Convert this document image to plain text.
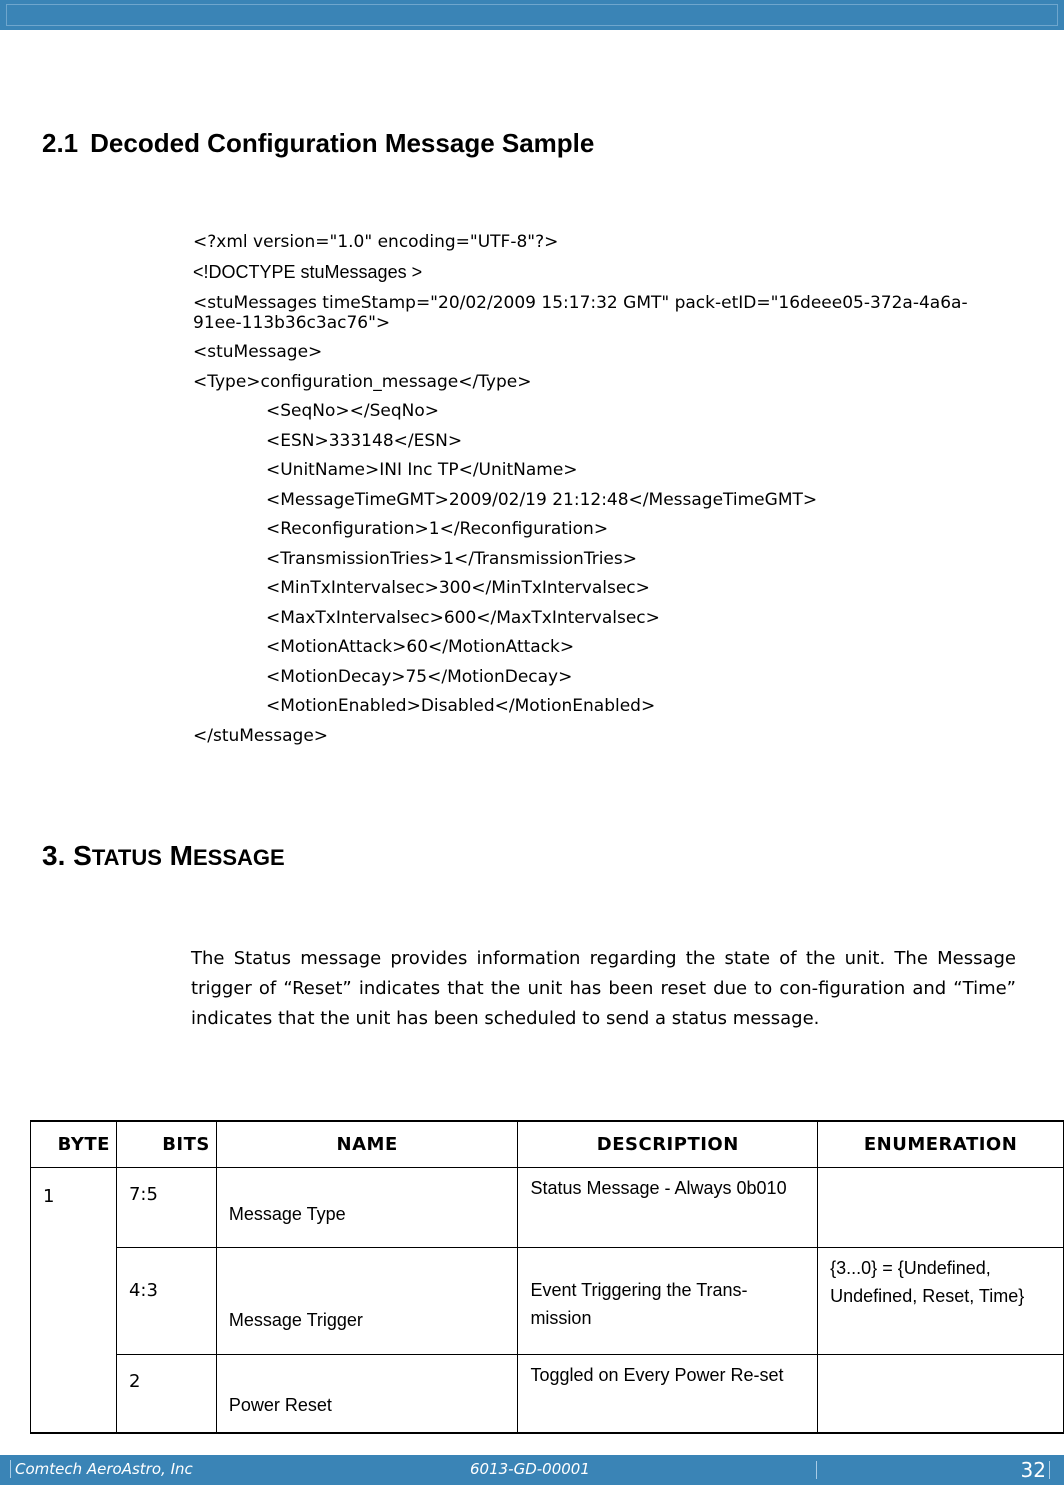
2.1 Decoded Configuration Message Sample
<?xml version="1.0" encoding="UTF-8"?>
<!DOCTYPE stuMessages >
<stuMessages timeStamp="20/02/2009 15:17:32 GMT" pack-etID="16deee05-372a-4a6a-91ee-113b36c3ac76">
<stuMessage>
<Type>configuration_message</Type>
<SeqNo></SeqNo>
<ESN>333148</ESN>
<UnitName>INI Inc TP</UnitName>
<MessageTimeGMT>2009/02/19 21:12:48</MessageTimeGMT>
<Reconfiguration>1</Reconfiguration>
<TransmissionTries>1</TransmissionTries>
<MinTxIntervalsec>300</MinTxIntervalsec>
<MaxTxIntervalsec>600</MaxTxIntervalsec>
<MotionAttack>60</MotionAttack>
<MotionDecay>75</MotionDecay>
<MotionEnabled>Disabled</MotionEnabled>
</stuMessage>
3. STATUS MESSAGE
The Status message provides information regarding the state of the unit. The Message trigger of “Reset” indicates that the unit has been reset due to con-figuration and “Time” indicates that the unit has been scheduled to send a status message.
BYTE	BITS	NAME	DESCRIPTION	ENUMERATION
1	7:5	Message Type	Status Message - Always 0b010	
	4:3	Message Trigger	Event Triggering the Trans-mission	{3...0} = {Undefined, Undefined, Reset, Time}
	2	Power Reset	Toggled on Every Power Re-set	
Comtech AeroAstro, Inc	6013-GD-00001	32
